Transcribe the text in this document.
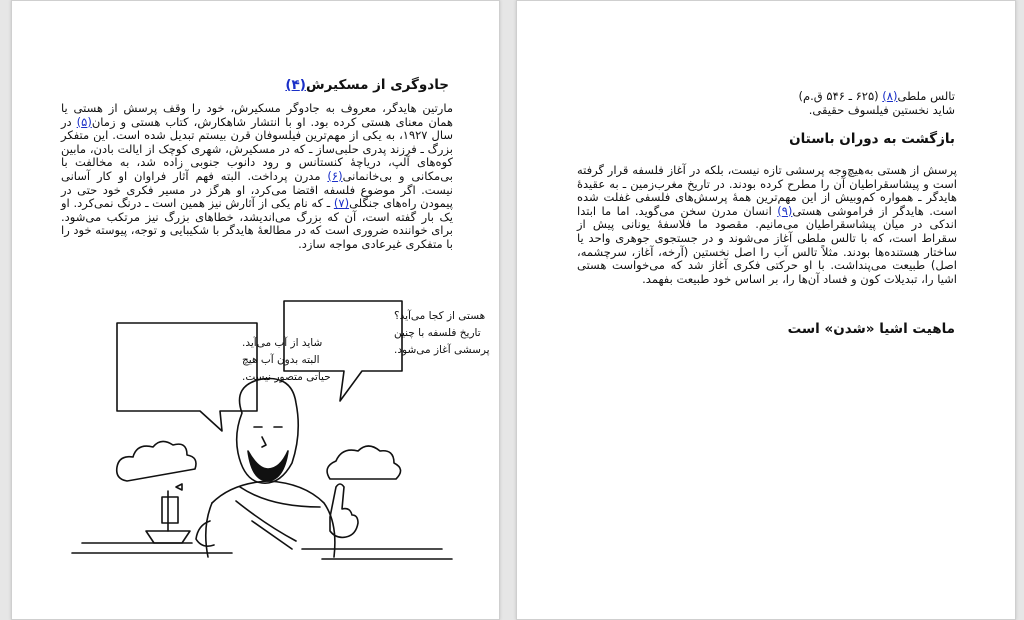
جادوگری از مسکیرش(۴)
مارتین هایدگر، معروف به جادوگر مسکیرش، خود را وقف پرسش از هستی یا همان معنای هستی کرده بود. او با انتشار شاهکارش، کتاب هستی و زمان(۵) در سال ۱۹۲۷، به یکی از مهم‌ترین فیلسوفان قرن بیستم تبدیل شده است. این متفکر بزرگ ـ فرزند پدری حلبی‌ساز ـ که در مسکیرش، شهری کوچک از ایالت بادن، مابین کوه‌های آلپ، دریاچهٔ کنستانس و رود دانوب جنوبی زاده شد، به مخالفت با بی‌مکانی و بی‌خانمانی(۶) مدرن پرداخت. البته فهم آثار فراوان او کار آسانی نیست. اگر موضوع فلسفه اقتضا می‌کرد، او هرگز در مسیر فکری خود حتی در پیمودن راه‌های جنگلی(۷) ـ که نام یکی از آثارش نیز همین است ـ درنگ نمی‌کرد. او یک بار گفته است، آن که بزرگ می‌اندیشد، خطاهای بزرگ نیز مرتکب می‌شود. برای خواننده ضروری است که در مطالعهٔ هایدگر با شکیبایی و توجه، پیوسته خود را با متفکری غیرعادی مواجه سازد.
شاید از آب می‌آید.
البته بدون آب هیچ
حیاتی متصور نیست.
هستی از کجا می‌آید؟
تاریخ فلسفه با چنین
پرسشی آغاز می‌شود.
تالس ملطی(۸) (۶۲۵ ـ ۵۴۶ ق.م)
شاید نخستین فیلسوف حقیقی.
بازگشت به دوران باستان
پرسش از هستی به‌هیچ‌وجه پرسشی تازه نیست، بلکه در آغاز فلسفه قرار گرفته است و پیشاسقراطیان آن را مطرح کرده بودند. در تاریخ مغرب‌زمین ـ به عقیدهٔ هایدگر ـ همواره کم‌وبیش از این مهم‌ترین همهٔ پرسش‌های فلسفی غفلت شده است. هایدگر از فراموشی هستی(۹) انسان مدرن سخن می‌گوید. اما ما ابتدا اندکی در میان پیشاسقراطیان می‌مانیم. مقصود ما فلاسفهٔ یونانی پیش از سقراط است، که با تالس ملطی آغاز می‌شوند و در جستجوی جوهری واحد یا ساختار هستنده‌ها بودند. مثلاً تالس آب را اصل نخستین (آرخه، آغاز، سرچشمه، اصل) طبیعت می‌پنداشت. با او حرکتی فکری آغاز شد که می‌خواست هستی اشیا را، تبدیلات کون و فساد آن‌ها را، بر اساس خود طبیعت بفهمد.
ماهیت اشیا «شدن» است
